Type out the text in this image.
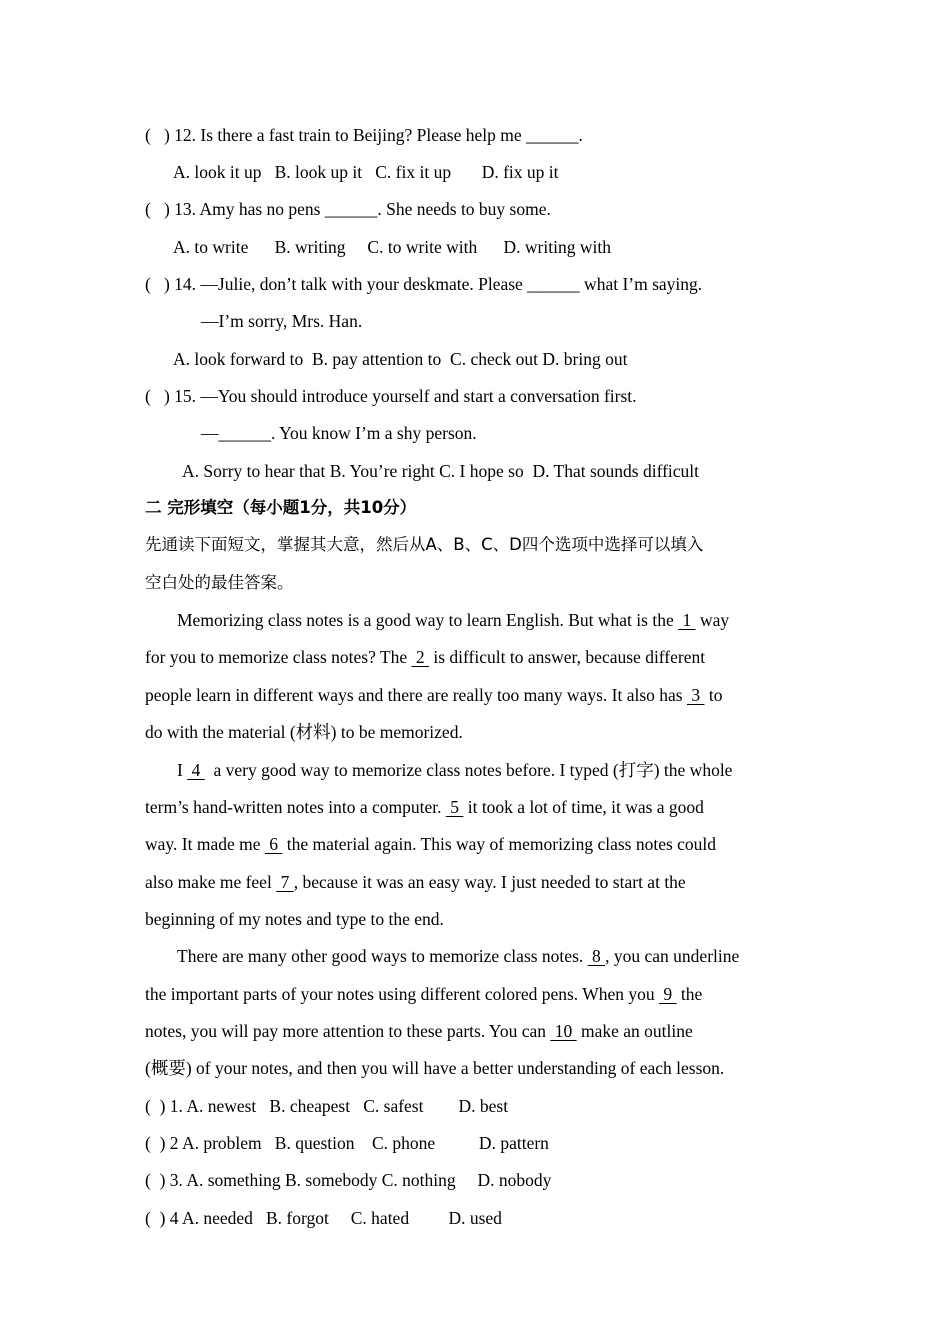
(   ) 12. Is there a fast train to Beijing? Please help me ______.
A. look it up   B. look up it   C. fix it up       D. fix up it
(   ) 13. Amy has no pens ______. She needs to buy some.
A. to write      B. writing     C. to write with      D. writing with
(   ) 14. —Julie, don’t talk with your deskmate. Please ______ what I’m saying.
—I’m sorry, Mrs. Han.
A. look forward to  B. pay attention to  C. check out D. bring out
(   ) 15. —You should introduce yourself and start a conversation first.
—______. You know I’m a shy person.
A. Sorry to hear that B. You’re right C. I hope so  D. That sounds difficult
二 完形填空（每小题1分，共10分）
先通读下面短文，掌握其大意，然后从A、B、C、D四个选项中选择可以填入
空白处的最佳答案。
Memorizing class notes is a good way to learn English. But what is the  1  way
for you to memorize class notes? The  2  is difficult to answer, because different
people learn in different ways and there are really too many ways. It also has  3  to
do with the material (材料) to be memorized.
I  4   a very good way to memorize class notes before. I typed (打字) the whole
term’s hand-written notes into a computer.  5  it took a lot of time, it was a good
way. It made me  6  the material again. This way of memorizing class notes could
also make me feel  7 , because it was an easy way. I just needed to start at the
beginning of my notes and type to the end.
There are many other good ways to memorize class notes.  8 , you can underline
the important parts of your notes using different colored pens. When you  9  the
notes, you will pay more attention to these parts. You can  10  make an outline
(概要) of your notes, and then you will have a better understanding of each lesson.
(  ) 1. A. newest   B. cheapest   C. safest        D. best
(  ) 2 A. problem   B. question    C. phone          D. pattern
(  ) 3. A. something B. somebody C. nothing     D. nobody
(  ) 4 A. needed   B. forgot     C. hated         D. used
